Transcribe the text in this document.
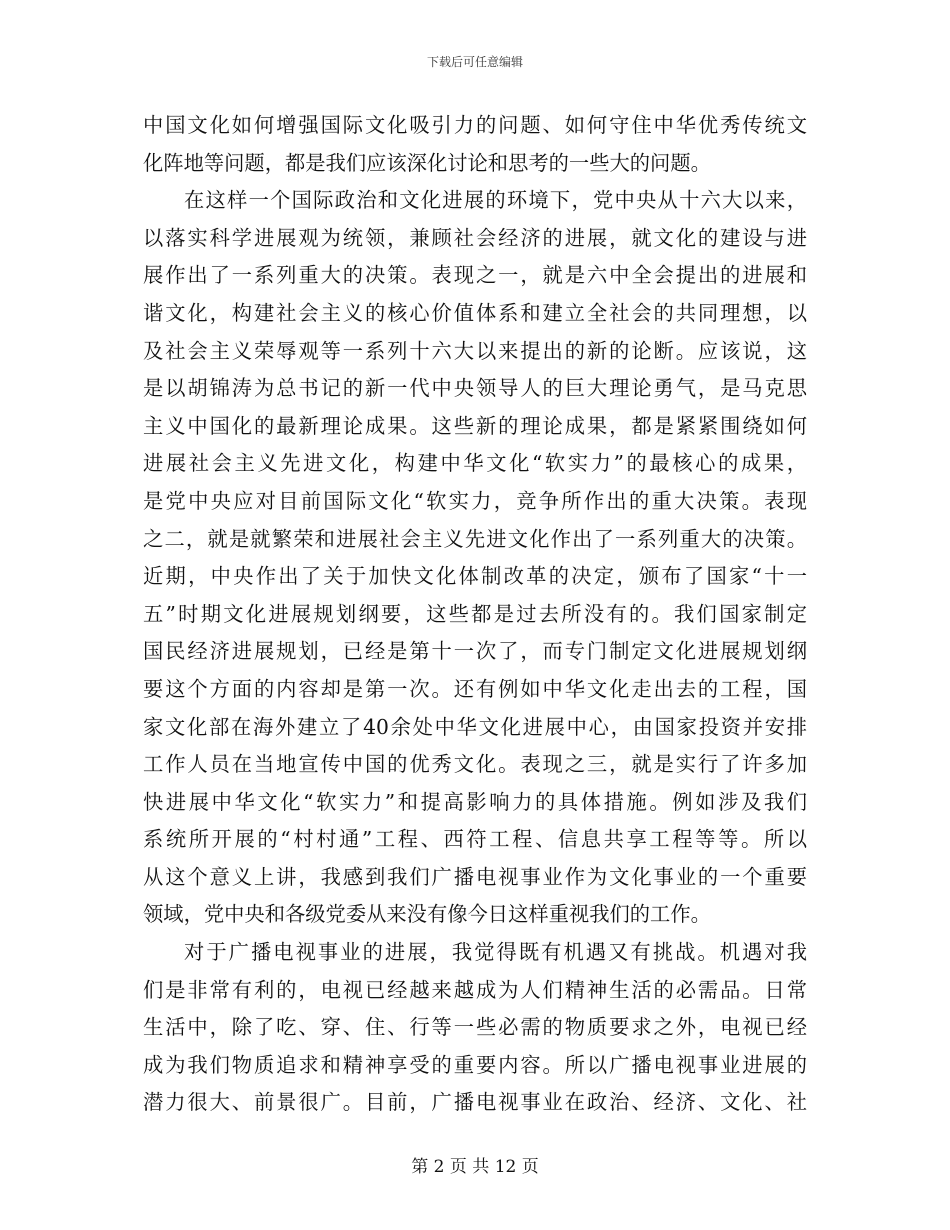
下载后可任意编辑
中国文化如何增强国际文化吸引力的问题、如何守住中华优秀传统文
化阵地等问题，都是我们应该深化讨论和思考的一些大的问题。
在这样一个国际政治和文化进展的环境下，党中央从十六大以来，
以落实科学进展观为统领，兼顾社会经济的进展，就文化的建设与进
展作出了一系列重大的决策。表现之一，就是六中全会提出的进展和
谐文化，构建社会主义的核心价值体系和建立全社会的共同理想，以
及社会主义荣辱观等一系列十六大以来提出的新的论断。应该说，这
是以胡锦涛为总书记的新一代中央领导人的巨大理论勇气，是马克思
主义中国化的最新理论成果。这些新的理论成果，都是紧紧围绕如何
进展社会主义先进文化，构建中华文化“软实力”的最核心的成果，
是党中央应对目前国际文化“软实力，竞争所作出的重大决策。表现
之二，就是就繁荣和进展社会主义先进文化作出了一系列重大的决策。
近期，中央作出了关于加快文化体制改革的决定，颁布了国家“十一
五”时期文化进展规划纲要，这些都是过去所没有的。我们国家制定
国民经济进展规划，已经是第十一次了，而专门制定文化进展规划纲
要这个方面的内容却是第一次。还有例如中华文化走出去的工程，国
家文化部在海外建立了40余处中华文化进展中心，由国家投资并安排
工作人员在当地宣传中国的优秀文化。表现之三，就是实行了许多加
快进展中华文化“软实力”和提高影响力的具体措施。例如涉及我们
系统所开展的“村村通”工程、西符工程、信息共享工程等等。所以
从这个意义上讲，我感到我们广播电视事业作为文化事业的一个重要
领域，党中央和各级党委从来没有像今日这样重视我们的工作。
对于广播电视事业的进展，我觉得既有机遇又有挑战。机遇对我
们是非常有利的，电视已经越来越成为人们精神生活的必需品。日常
生活中，除了吃、穿、住、行等一些必需的物质要求之外，电视已经
成为我们物质追求和精神享受的重要内容。所以广播电视事业进展的
潜力很大、前景很广。目前，广播电视事业在政治、经济、文化、社
第 2 页 共 12 页
